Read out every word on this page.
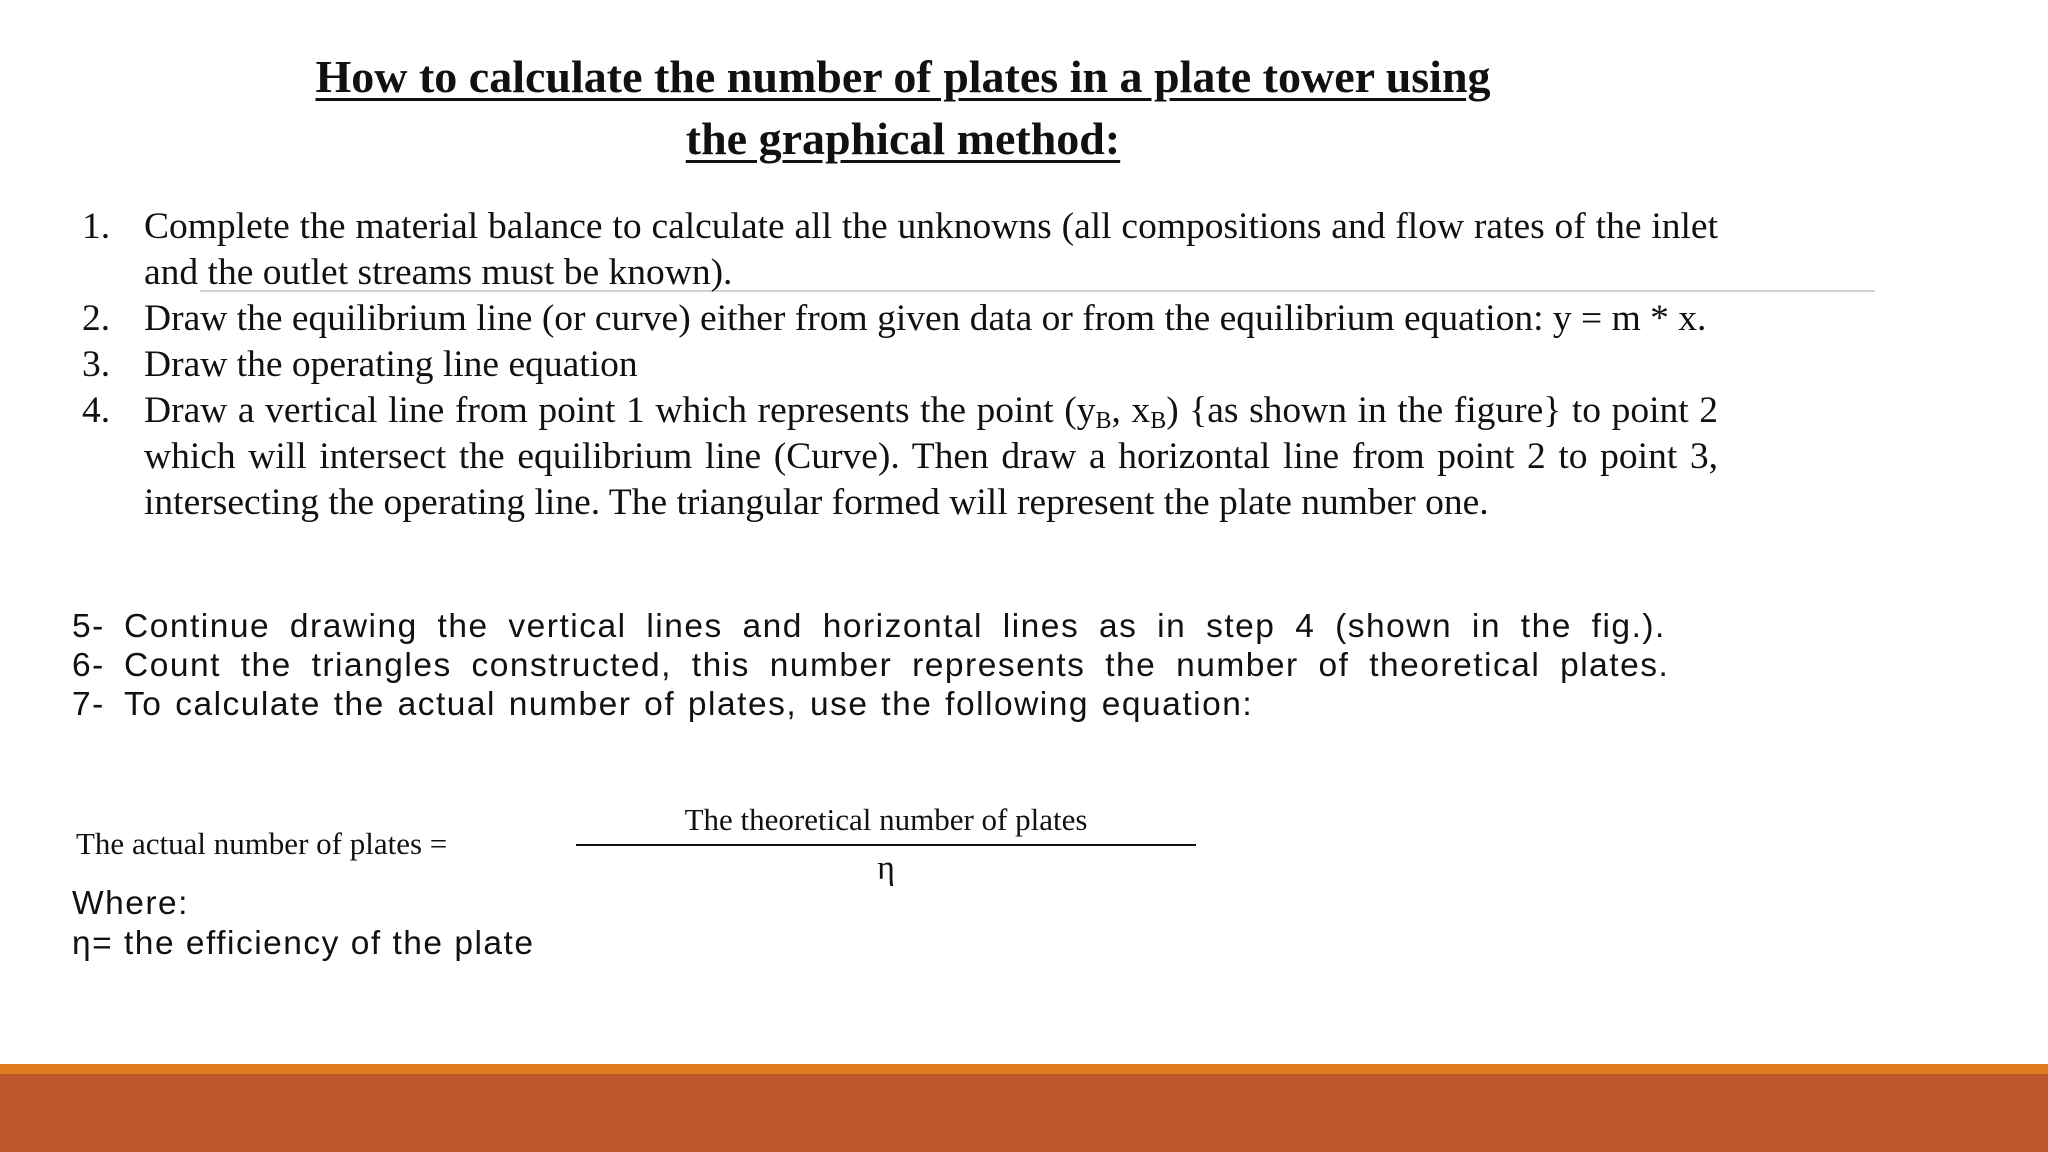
How to calculate the number of plates in a plate tower using
the graphical method:
1. Complete the material balance to calculate all the unknowns (all compositions and flow rates of the inlet and the outlet streams must be known).
2. Draw the equilibrium line (or curve) either from given data or from the equilibrium equation: y = m * x.
3. Draw the operating line equation
4. Draw a vertical line from point 1 which represents the point ($y_B$, $x_B$) {as shown in the figure} to point 2 which will intersect the equilibrium line (Curve). Then draw a horizontal line from point 2 to point 3, intersecting the operating line. The triangular formed will represent the plate number one.
5- Continue drawing the vertical lines and horizontal lines as in step 4 (shown in the fig.).
6- Count the triangles constructed, this number represents the number of theoretical plates.
7- To calculate the actual number of plates, use the following equation:
The actual number of plates =
The theoretical number of plates
η
Where:
η= the efficiency of the plate
